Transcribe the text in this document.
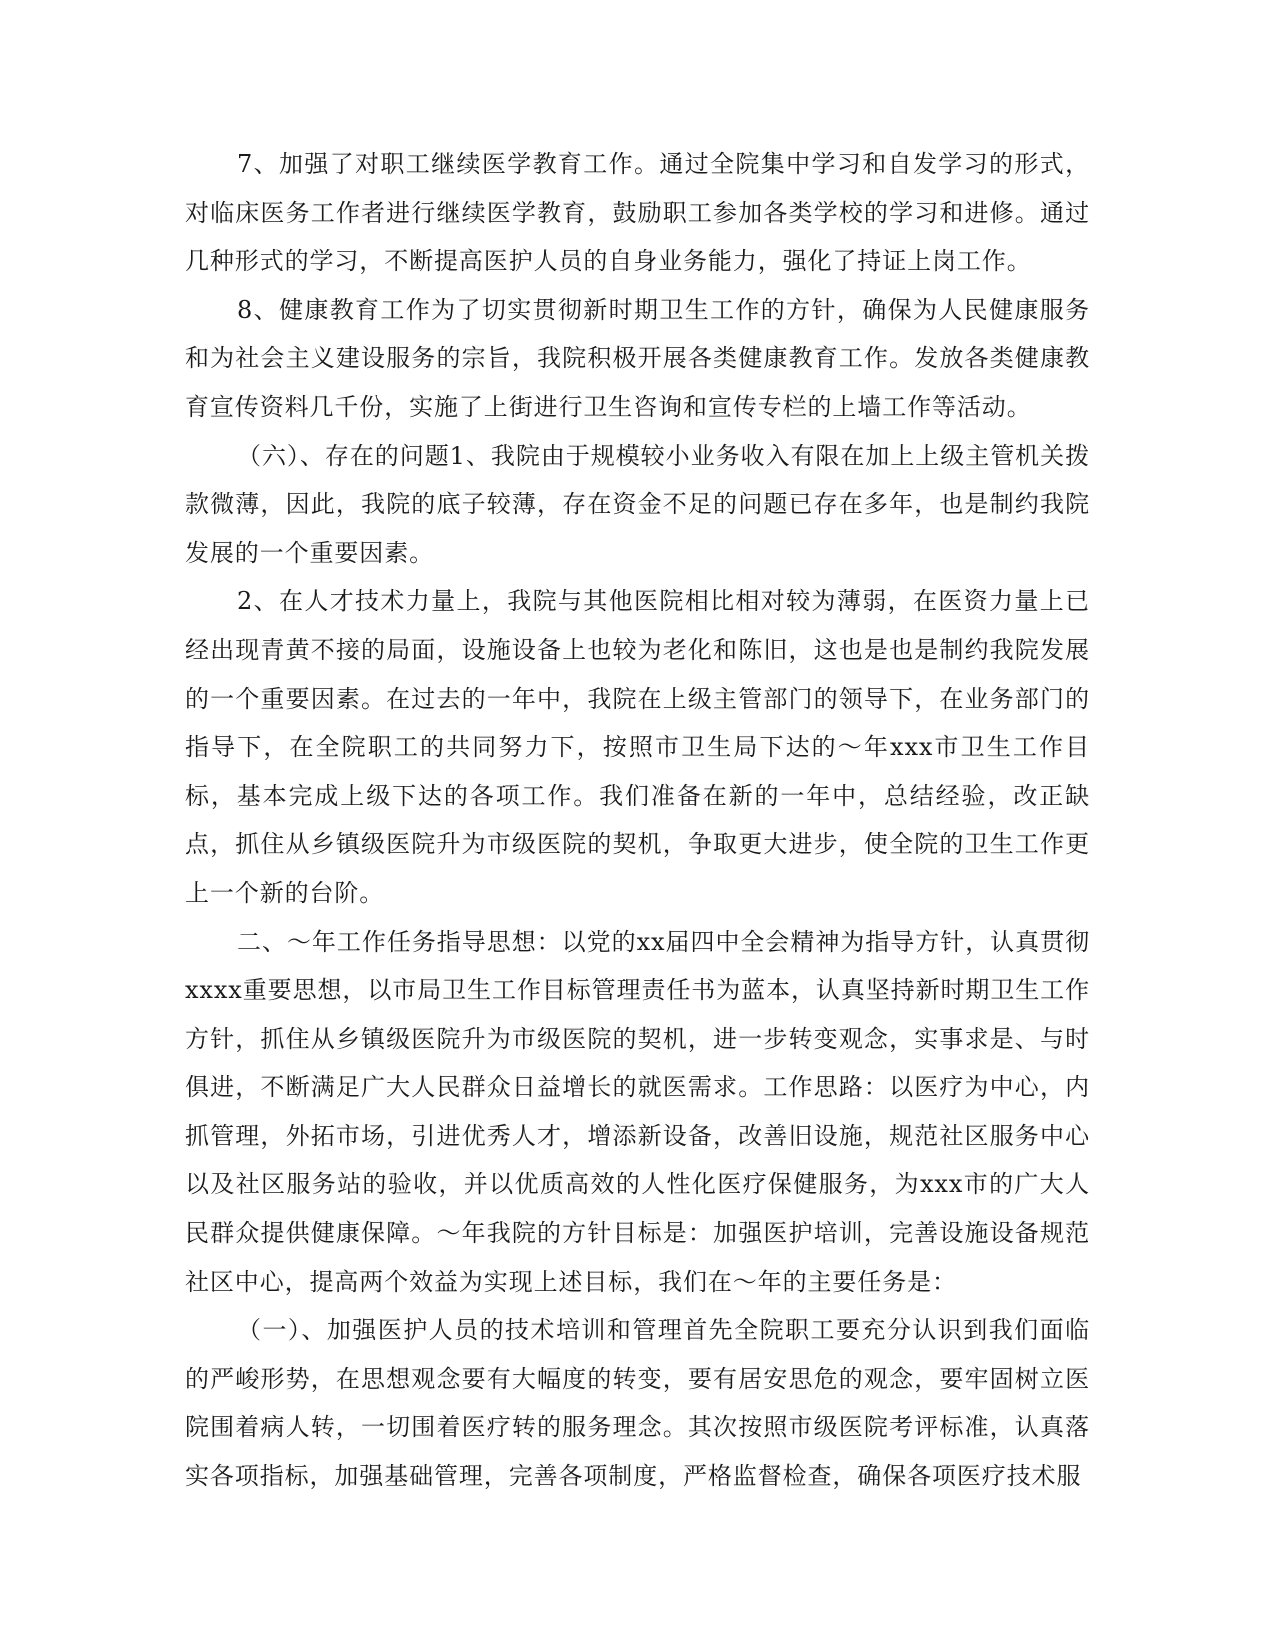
7、加强了对职工继续医学教育工作。通过全院集中学习和自发学习的形式，对临床医务工作者进行继续医学教育，鼓励职工参加各类学校的学习和进修。通过几种形式的学习，不断提高医护人员的自身业务能力，强化了持证上岗工作。

8、健康教育工作为了切实贯彻新时期卫生工作的方针，确保为人民健康服务和为社会主义建设服务的宗旨，我院积极开展各类健康教育工作。发放各类健康教育宣传资料几千份，实施了上街进行卫生咨询和宣传专栏的上墙工作等活动。

（六）、存在的问题1、我院由于规模较小业务收入有限在加上上级主管机关拨款微薄，因此，我院的底子较薄，存在资金不足的问题已存在多年，也是制约我院发展的一个重要因素。

2、在人才技术力量上，我院与其他医院相比相对较为薄弱，在医资力量上已经出现青黄不接的局面，设施设备上也较为老化和陈旧，这也是也是制约我院发展的一个重要因素。在过去的一年中，我院在上级主管部门的领导下，在业务部门的指导下，在全院职工的共同努力下，按照市卫生局下达的～年xxx市卫生工作目标，基本完成上级下达的各项工作。我们准备在新的一年中，总结经验，改正缺点，抓住从乡镇级医院升为市级医院的契机，争取更大进步，使全院的卫生工作更上一个新的台阶。

二、～年工作任务指导思想：以党的xx届四中全会精神为指导方针，认真贯彻xxxx重要思想，以市局卫生工作目标管理责任书为蓝本，认真坚持新时期卫生工作方针，抓住从乡镇级医院升为市级医院的契机，进一步转变观念，实事求是、与时俱进，不断满足广大人民群众日益增长的就医需求。工作思路：以医疗为中心，内抓管理，外拓市场，引进优秀人才，增添新设备，改善旧设施，规范社区服务中心以及社区服务站的验收，并以优质高效的人性化医疗保健服务，为xxx市的广大人民群众提供健康保障。～年我院的方针目标是：加强医护培训，完善设施设备规范社区中心，提高两个效益为实现上述目标，我们在～年的主要任务是：

（一）、加强医护人员的技术培训和管理首先全院职工要充分认识到我们面临的严峻形势，在思想观念要有大幅度的转变，要有居安思危的观念，要牢固树立医院围着病人转，一切围着医疗转的服务理念。其次按照市级医院考评标准，认真落实各项指标，加强基础管理，完善各项制度，严格监督检查，确保各项医疗技术服
